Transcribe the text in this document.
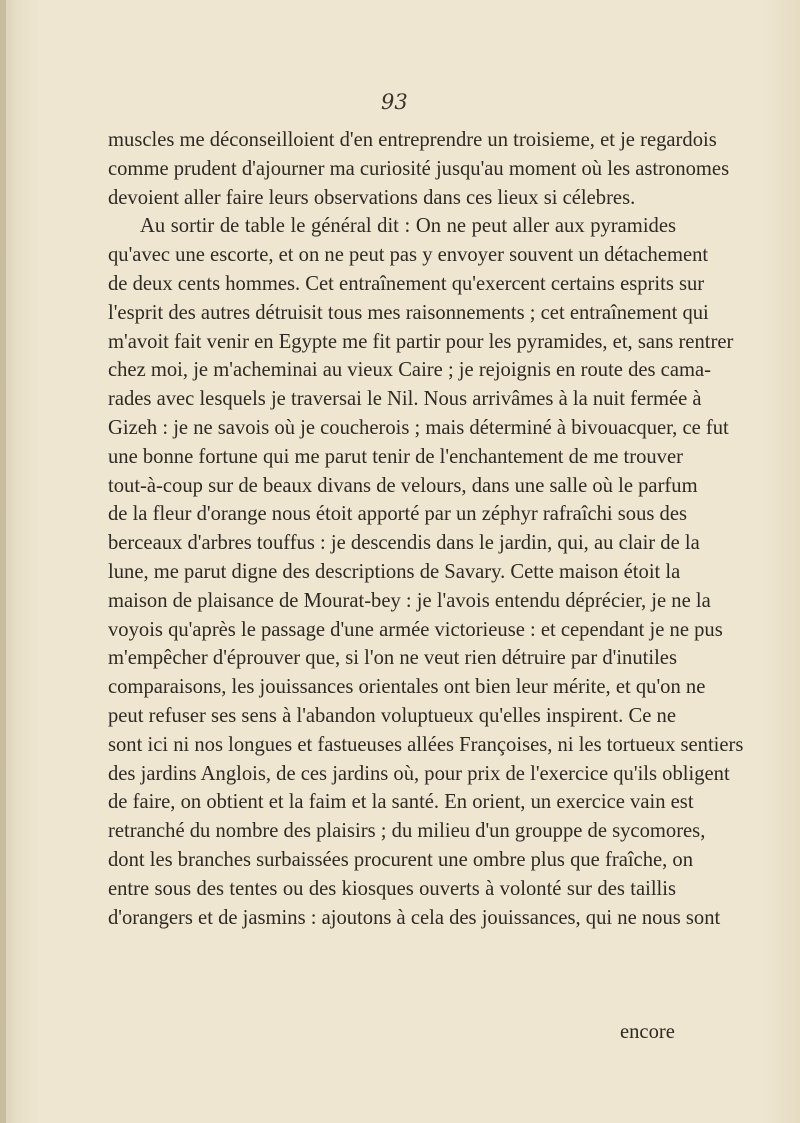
93
muscles me déconseilloient d'en entreprendre un troisieme, et je regardois
comme prudent d'ajourner ma curiosité jusqu'au moment où les astronomes
devoient aller faire leurs observations dans ces lieux si célebres.
Au sortir de table le général dit : On ne peut aller aux pyramides
qu'avec une escorte, et on ne peut pas y envoyer souvent un détachement
de deux cents hommes. Cet entraînement qu'exercent certains esprits sur
l'esprit des autres détruisit tous mes raisonnements ; cet entraînement qui
m'avoit fait venir en Egypte me fit partir pour les pyramides, et, sans rentrer
chez moi, je m'acheminai au vieux Caire ; je rejoignis en route des cama-
rades avec lesquels je traversai le Nil. Nous arrivâmes à la nuit fermée à
Gizeh : je ne savois où je coucherois ; mais déterminé à bivouacquer, ce fut
une bonne fortune qui me parut tenir de l'enchantement de me trouver
tout-à-coup sur de beaux divans de velours, dans une salle où le parfum
de la fleur d'orange nous étoit apporté par un zéphyr rafraîchi sous des
berceaux d'arbres touffus : je descendis dans le jardin, qui, au clair de la
lune, me parut digne des descriptions de Savary. Cette maison étoit la
maison de plaisance de Mourat-bey : je l'avois entendu déprécier, je ne la
voyois qu'après le passage d'une armée victorieuse : et cependant je ne pus
m'empêcher d'éprouver que, si l'on ne veut rien détruire par d'inutiles
comparaisons, les jouissances orientales ont bien leur mérite, et qu'on ne
peut refuser ses sens à l'abandon voluptueux qu'elles inspirent. Ce ne
sont ici ni nos longues et fastueuses allées Françoises, ni les tortueux sentiers
des jardins Anglois, de ces jardins où, pour prix de l'exercice qu'ils obligent
de faire, on obtient et la faim et la santé. En orient, un exercice vain est
retranché du nombre des plaisirs ; du milieu d'un grouppe de sycomores,
dont les branches surbaissées procurent une ombre plus que fraîche, on
entre sous des tentes ou des kiosques ouverts à volonté sur des taillis
d'orangers et de jasmins : ajoutons à cela des jouissances, qui ne nous sont
encore
